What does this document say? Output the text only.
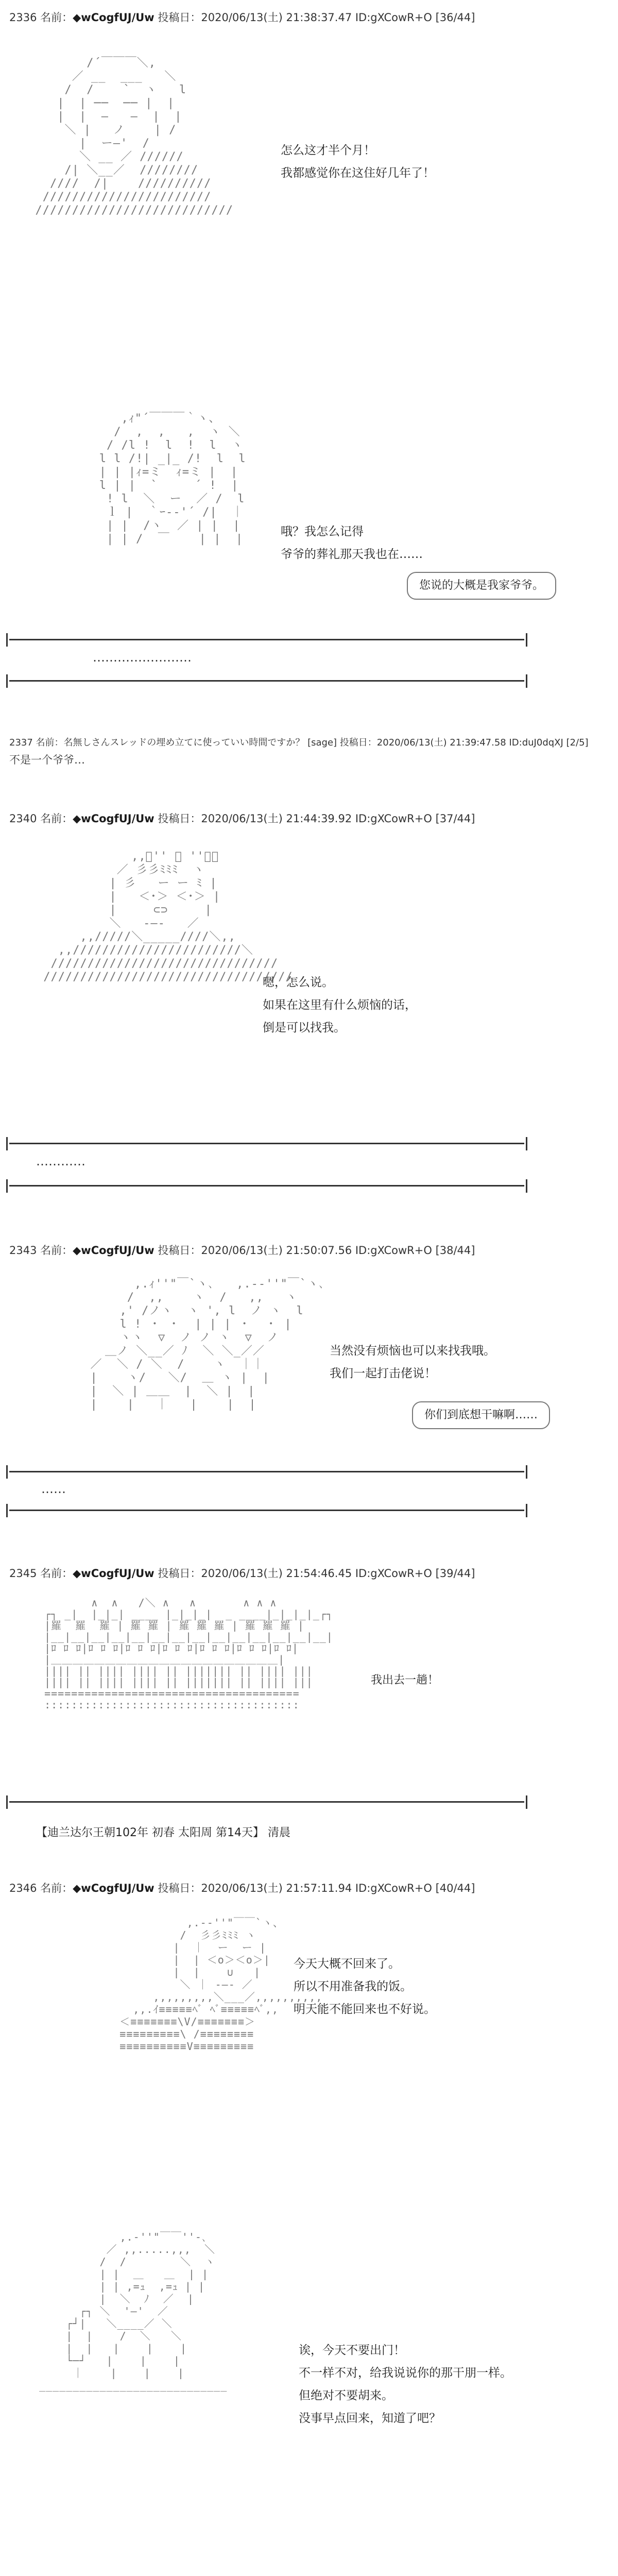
2336 名前：◆wCogfUJ/Uw 投稿日：2020/06/13(土) 21:38:37.47 ID:gXCowR+O [36/44]
/´￣￣￣＼,
／ __  ___   ＼
/  /    `  ヽ   l
|  | ──  ── |  |
|  |  ―   ―  |  |
＼ |   ノ    | /
|  ー―'  /
＼ __ ／ //////
/| ＼__／  ////////
////  /|    //////////
///////////////////////
///////////////////////////
怎么这才半个月！
我都感觉你在这住好几年了！
,ｨ"´￣￣￣｀ヽ、
/  ,  ,   ,  ヽ ＼
/ /l !  l  !  l  ヽ
l l /!| _|_ /!  l  l
| | |ｨ=ミ  ｨ=ミ |  |
l | |  `     ´ !  |
! l  ＼  ー  ／ /  l
ｌ |  ｀ｰ-‐'´ /|  ｜
| |  /ヽ  ／ | |  |
| | /  ￣    | |  |
哦？我怎么记得
爷爷的葬礼那天我也在……
您说的大概是我家爷爷。
……………………
2337 名前：名無しさんスレッドの埋め立てに使っていい時間ですか？ [sage] 投稿日：2020/06/13(土) 21:39:47.58 ID:duJ0dqXJ [2/5]
不是一个爷爷…
2340 名前：◆wCogfUJ/Uw 投稿日：2020/06/13(土) 21:44:39.92 ID:gXCowR+O [37/44]
,,ﾞ'' ＾ ''ｰ､
／ 彡彡ﾐﾐﾐ  ヽ
| 彡   ー ー ﾐ |
|   ＜･＞ ＜･＞ |
|     ⊂⊃     |
＼   ‐―‐   ／
,,/////＼_____////＼,,
,,///////////////////////＼
///////////////////////////////
//////////////////////////////////
嗯，怎么说。
如果在这里有什么烦恼的话，
倒是可以找我。
…………
2343 名前：◆wCogfUJ/Uw 投稿日：2020/06/13(土) 21:50:07.56 ID:gXCowR+O [38/44]
,.ｨ''"￣`ヽ､   ,.-‐''"￣`ヽ､
/  ,,    ヽ  /   ,,   ヽ
,' /ノヽ  ヽ ', l  ノ ヽ  l
l ! ・ ・  | | | ・  ・ |
ヽヽ  ▽  ノ ノ ヽ  ▽  ノ
＿ノ ＼__／ ﾉ  ＼ ＼_／／
／  ＼ / ＼  /    ヽ  ｜｜
|    ヽ/   ＼/  ＿ ヽ |  |
|  ＼ | ＿＿  |  ＼ |  |
|    |   ｜   |    |  |
当然没有烦恼也可以来找我哦。
我们一起打击佬说！
你们到底想干嘛啊……
……
2345 名前：◆wCogfUJ/Uw 投稿日：2020/06/13(土) 21:54:46.45 ID:gXCowR+O [39/44]
∧  ∧   /＼ ∧   ∧       ∧ ∧ ∧
┌┐ _|  |_|_| ____ |_|_|_|  _ ____|_|_|_|_┌┐
|羅  羅  羅 | 羅 羅 | 羅 羅 羅 | 羅 羅 羅 |
|__|__|__|__|__|__|__|__|__|__|__|__|__|__|
|ﾛ ﾛ ﾛ|ﾛ ﾛ ﾛ|ﾛ ﾛ ﾛ|ﾛ ﾛ ﾛ|ﾛ ﾛ ﾛ|ﾛ ﾛ ﾛ|ﾛ ﾛ|
|＿＿＿＿＿＿＿＿＿＿＿＿＿＿＿＿＿＿＿＿＿|
|||| || |||| |||| || ||||||| || |||| |||
|||| || |||| |||| || ||||||| || |||| |||
======================================
::::::::::::::::::::::::::::::::::::::
我出去一趟！
【迪兰达尔王朝102年 初春 太阳周 第14天】 清晨
2346 名前：◆wCogfUJ/Uw 投稿日：2020/06/13(土) 21:57:11.94 ID:gXCowR+O [40/44]
,.-‐''"￣￣`ヽ、
/  彡彡ﾐﾐﾐ ヽ
|  ｜  ー  ー |
|  | ＜o＞＜o＞|
|  |    ∪   |
＼ ｜ ‐―‐ ／
,,,,,,,,,＼___／,,,,,,,,,,
,,.ｲ≡≡≡≡≡ﾍﾞ ﾍﾞ≡≡≡≡≡ﾍﾞ,,
＜≡≡≡≡≡≡≡\V/≡≡≡≡≡≡≡＞
≡≡≡≡≡≡≡≡≡\ /≡≡≡≡≡≡≡≡
≡≡≡≡≡≡≡≡≡≡V≡≡≡≡≡≡≡≡≡
今天大概不回来了。
所以不用准备我的饭。
明天能不能回来也不好说。
,.-''"￣￣''-､
／ ,,.....,,,  ＼
/  /        ＼  ヽ
| |  ＿   ＿  | |
| | ,=ｭ  ,=ｭ | |
|  ＼  ﾉ  ／  |
┌┐ ＼  '―'  ／
┌┘|   ＼____／ ＼
|  |    /  ＼   ＼
|  |   |    |    |
└─┘   |    |    |
｜    |    |    |
____________________________
诶，今天不要出门！
不一样不对，给我说说你的那干朋一样。
但绝对不要胡来。
没事早点回来，知道了吧？
